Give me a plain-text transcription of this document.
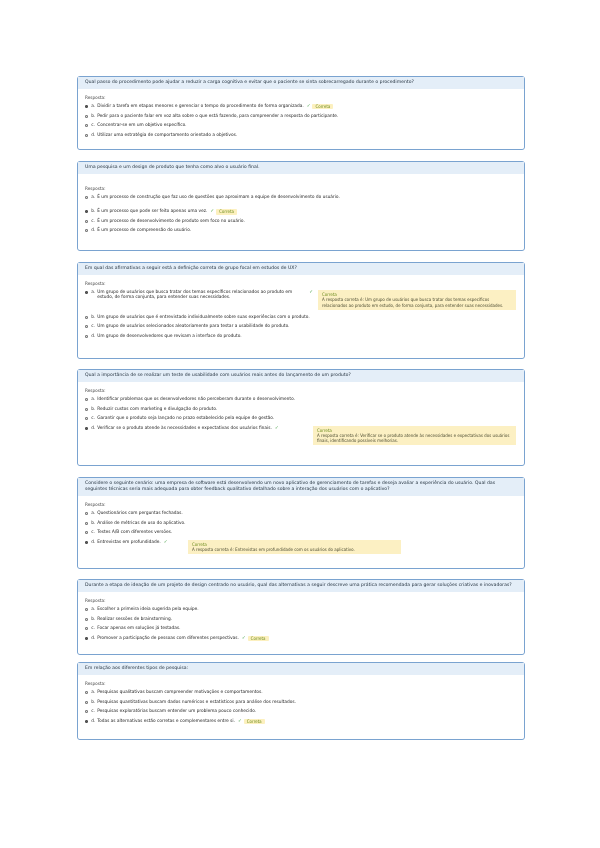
Qual passo do procedimento pode ajudar a reduzir a carga cognitiva e evitar que o paciente se sinta sobrecarregado durante o procedimento?
Resposta:
a. Dividir a tarefa em etapas menores e gerenciar o tempo do procedimento de forma organizada. ✓	Correta
b. Pedir para o paciente falar em voz alta sobre o que está fazendo, para compreender a resposta do participante.
c. Concentrar-se em um objetivo específico.
d. Utilizar uma estratégia de comportamento orientado a objetivos.
Uma pesquisa e um design de produto que tenha como alvo o usuário final.
Resposta:
a. É um processo de construção que faz uso de questões que aproximam a equipe de desenvolvimento do usuário.
b. É um processo que pode ser feito apenas uma vez. ✓	Correta
c. É um processo de desenvolvimento de produto sem foco no usuário.
d. É um processo de compreensão do usuário.
Em qual das afirmativas a seguir está a definição correta de grupo focal em estudos de UX?
Resposta:
a. Um grupo de usuários que busca tratar dos temas específicos relacionados ao produto em estudo, de forma conjunta, para entender suas necessidades.
✓ Correta
A resposta correta é: Um grupo de usuários que busca tratar dos temas específicos relacionados ao produto em estudo, de forma conjunta, para entender suas necessidades.
b. Um grupo de usuários que é entrevistado individualmente sobre suas experiências com o produto.
c. Um grupo de usuários selecionados aleatoriamente para testar a usabilidade do produto.
d. Um grupo de desenvolvedores que revisam a interface do produto.
Qual a importância de se realizar um teste de usabilidade com usuários reais antes do lançamento de um produto?
Resposta:
a. Identificar problemas que os desenvolvedores não perceberam durante o desenvolvimento.
b. Reduzir custos com marketing e divulgação do produto.
c. Garantir que o produto seja lançado no prazo estabelecido pela equipe de gestão.
d. Verificar se o produto atende às necessidades e expectativas dos usuários finais. ✓	Correta
A resposta correta é: Verificar se o produto atende às necessidades e expectativas dos usuários finais, identificando possíveis melhorias.
Considere o seguinte cenário: uma empresa de software está desenvolvendo um novo aplicativo de gerenciamento de tarefas e deseja avaliar a experiência do usuário. Qual das seguintes técnicas seria mais adequada para obter feedback qualitativo detalhado sobre a interação dos usuários com o aplicativo?
Resposta:
a. Questionários com perguntas fechadas.
b. Análise de métricas de uso do aplicativo.
c. Testes A/B com diferentes versões.
d. Entrevistas em profundidade. ✓	Correta
A resposta correta é: Entrevistas em profundidade com os usuários do aplicativo.
Durante a etapa de ideação de um projeto de design centrado no usuário, qual das alternativas a seguir descreve uma prática recomendada para gerar soluções criativas e inovadoras?
Resposta:
a. Escolher a primeira ideia sugerida pela equipe.
b. Realizar sessões de brainstorming.
c. Focar apenas em soluções já testadas.
d. Promover a participação de pessoas com diferentes perspectivas. ✓	Correta
Em relação aos diferentes tipos de pesquisa:
Resposta:
a. Pesquisas qualitativas buscam compreender motivações e comportamentos.
b. Pesquisas quantitativas buscam dados numéricos e estatísticos para análise dos resultados.
c. Pesquisas exploratórias buscam entender um problema pouco conhecido.
d. Todas as alternativas estão corretas e complementares entre si. ✓	Correta
